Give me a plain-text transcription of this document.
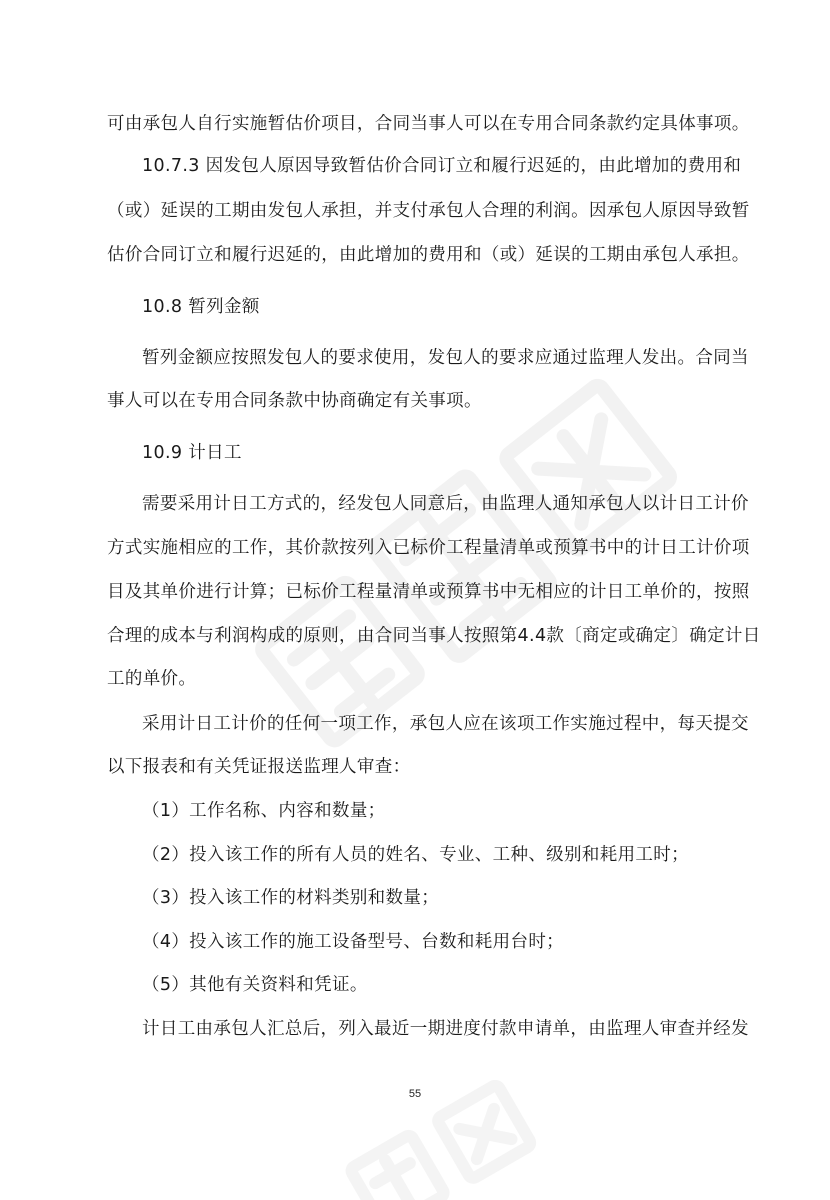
可由承包人自行实施暂估价项目，合同当事人可以在专用合同条款约定具体事项。
10.7.3 因发包人原因导致暂估价合同订立和履行迟延的，由此增加的费用和
（或）延误的工期由发包人承担，并支付承包人合理的利润。因承包人原因导致暂
估价合同订立和履行迟延的，由此增加的费用和（或）延误的工期由承包人承担。
10.8 暂列金额
暂列金额应按照发包人的要求使用，发包人的要求应通过监理人发出。合同当
事人可以在专用合同条款中协商确定有关事项。
10.9 计日工
需要采用计日工方式的，经发包人同意后，由监理人通知承包人以计日工计价
方式实施相应的工作，其价款按列入已标价工程量清单或预算书中的计日工计价项
目及其单价进行计算；已标价工程量清单或预算书中无相应的计日工单价的，按照
合理的成本与利润构成的原则，由合同当事人按照第4.4款〔商定或确定〕确定计日
工的单价。
采用计日工计价的任何一项工作，承包人应在该项工作实施过程中，每天提交
以下报表和有关凭证报送监理人审查：
（1）工作名称、内容和数量；
（2）投入该工作的所有人员的姓名、专业、工种、级别和耗用工时；
（3）投入该工作的材料类别和数量；
（4）投入该工作的施工设备型号、台数和耗用台时；
（5）其他有关资料和凭证。
计日工由承包人汇总后，列入最近一期进度付款申请单，由监理人审查并经发
55
